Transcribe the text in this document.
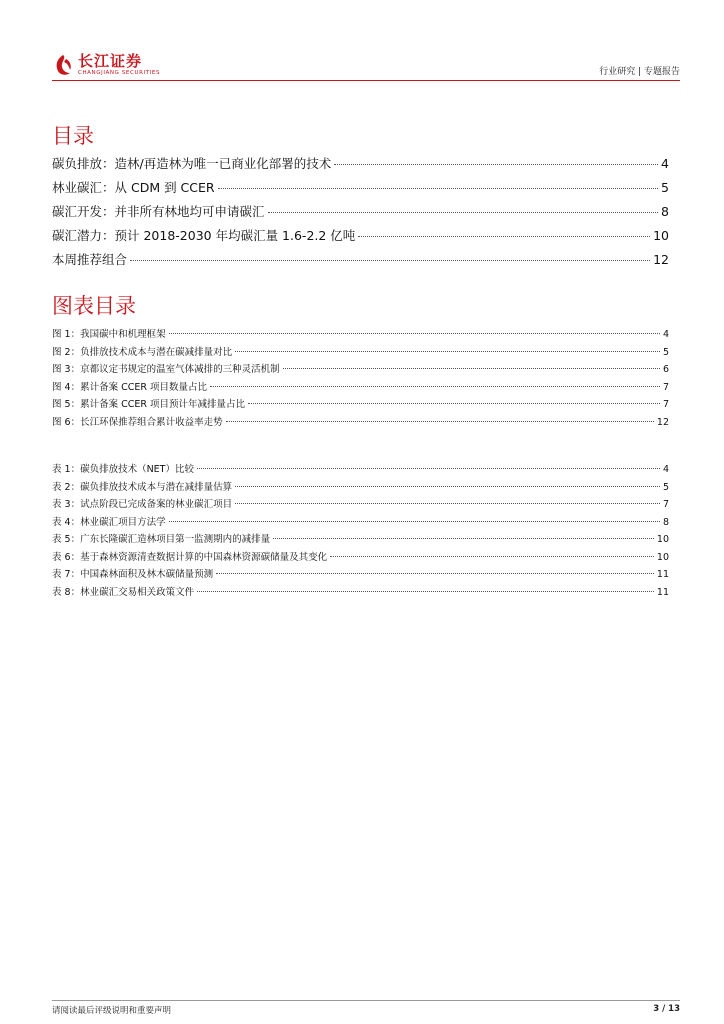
长江证券
CHANGJIANG SECURITIES	行业研究 | 专题报告
目录
碳负排放：造林/再造林为唯一已商业化部署的技术	4
林业碳汇：从 CDM 到 CCER	5
碳汇开发：并非所有林地均可申请碳汇	8
碳汇潜力：预计 2018-2030 年均碳汇量 1.6-2.2 亿吨	10
本周推荐组合	12
图表目录
图 1：我国碳中和机理框架	4
图 2：负排放技术成本与潜在碳减排量对比	5
图 3：京都议定书规定的温室气体减排的三种灵活机制	6
图 4：累计备案 CCER 项目数量占比	7
图 5：累计备案 CCER 项目预计年减排量占比	7
图 6：长江环保推荐组合累计收益率走势	12
表 1：碳负排放技术（NET）比较	4
表 2：碳负排放技术成本与潜在减排量估算	5
表 3：试点阶段已完成备案的林业碳汇项目	7
表 4：林业碳汇项目方法学	8
表 5：广东长隆碳汇造林项目第一监测期内的减排量	10
表 6：基于森林资源清查数据计算的中国森林资源碳储量及其变化	10
表 7：中国森林面积及林木碳储量预测	11
表 8：林业碳汇交易相关政策文件	11
请阅读最后评级说明和重要声明	3 / 13
